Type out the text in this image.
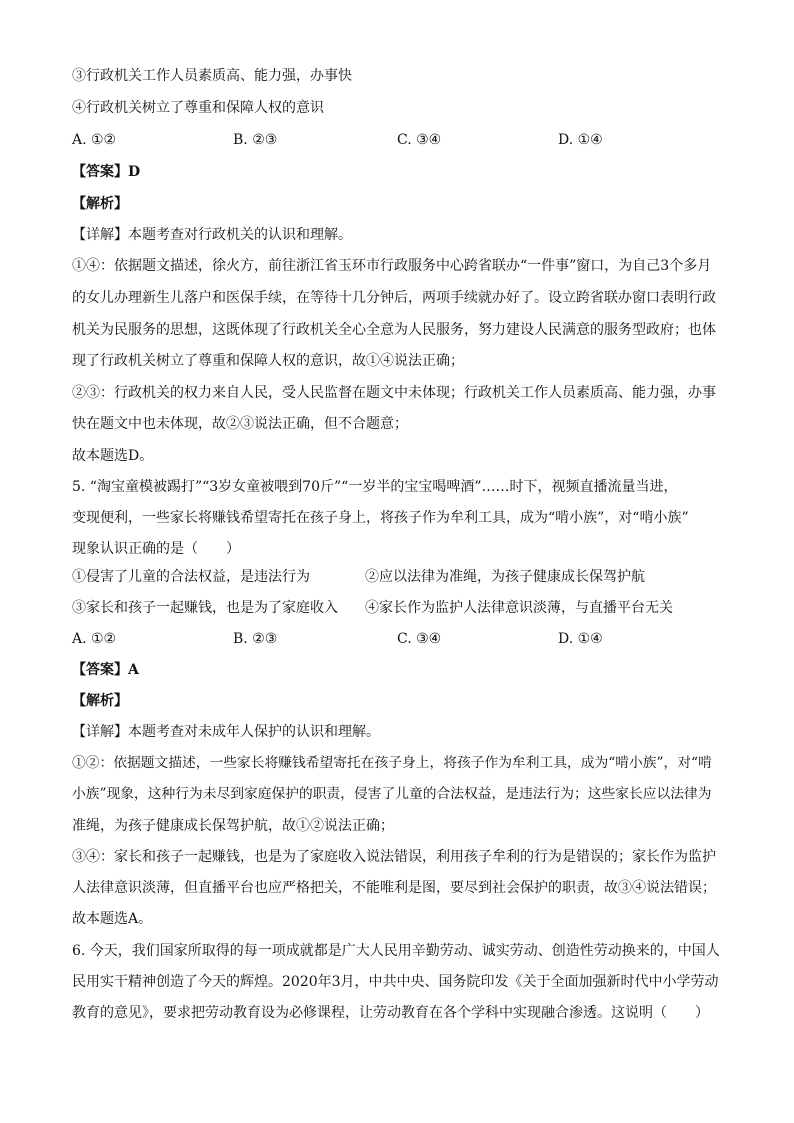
③行政机关工作人员素质高、能力强，办事快
④行政机关树立了尊重和保障人权的意识
【答案】D
【解析】
【详解】本题考查对行政机关的认识和理解。
①④：依据题文描述，徐火方，前往浙江省玉环市行政服务中心跨省联办“一件事”窗口，为自己3个多月
的女儿办理新生儿落户和医保手续，在等待十几分钟后，两项手续就办好了。设立跨省联办窗口表明行政
机关为民服务的思想，这既体现了行政机关全心全意为人民服务，努力建设人民满意的服务型政府；也体
现了行政机关树立了尊重和保障人权的意识，故①④说法正确；
②③：行政机关的权力来自人民，受人民监督在题文中未体现；行政机关工作人员素质高、能力强，办事
快在题文中也未体现，故②③说法正确，但不合题意；
故本题选D。
5. “淘宝童模被踢打”“3岁女童被喂到70斤”“一岁半的宝宝喝啤酒”……时下，视频直播流量当进，
变现便利，一些家长将赚钱希望寄托在孩子身上，将孩子作为牟利工具，成为“啃小族”，对“啃小族”
现象认识正确的是（　　）
【答案】A
【解析】
【详解】本题考查对未成年人保护的认识和理解。
①②：依据题文描述，一些家长将赚钱希望寄托在孩子身上，将孩子作为牟利工具，成为“啃小族”，对“啃
小族”现象，这种行为未尽到家庭保护的职责，侵害了儿童的合法权益，是违法行为；这些家长应以法律为
准绳，为孩子健康成长保驾护航，故①②说法正确；
③④：家长和孩子一起赚钱，也是为了家庭收入说法错误，利用孩子牟利的行为是错误的；家长作为监护
人法律意识淡薄，但直播平台也应严格把关，不能唯利是图，要尽到社会保护的职责，故③④说法错误；
故本题选A。
6. 今天，我们国家所取得的每一项成就都是广大人民用辛勤劳动、诚实劳动、创造性劳动换来的，中国人
民用实干精神创造了今天的辉煌。2020年3月，中共中央、国务院印发《关于全面加强新时代中小学劳动
教育的意见》，要求把劳动教育设为必修课程，让劳动教育在各个学科中实现融合渗透。这说明（　　）
A. ①②	B. ②③	C. ③④	D. ①④
①侵害了儿童的合法权益，是违法行为	②应以法律为准绳，为孩子健康成长保驾护航
③家长和孩子一起赚钱，也是为了家庭收入 ④家长作为监护人法律意识淡薄，与直播平台无关
A. ①②	B. ②③	C. ③④	D. ①④
